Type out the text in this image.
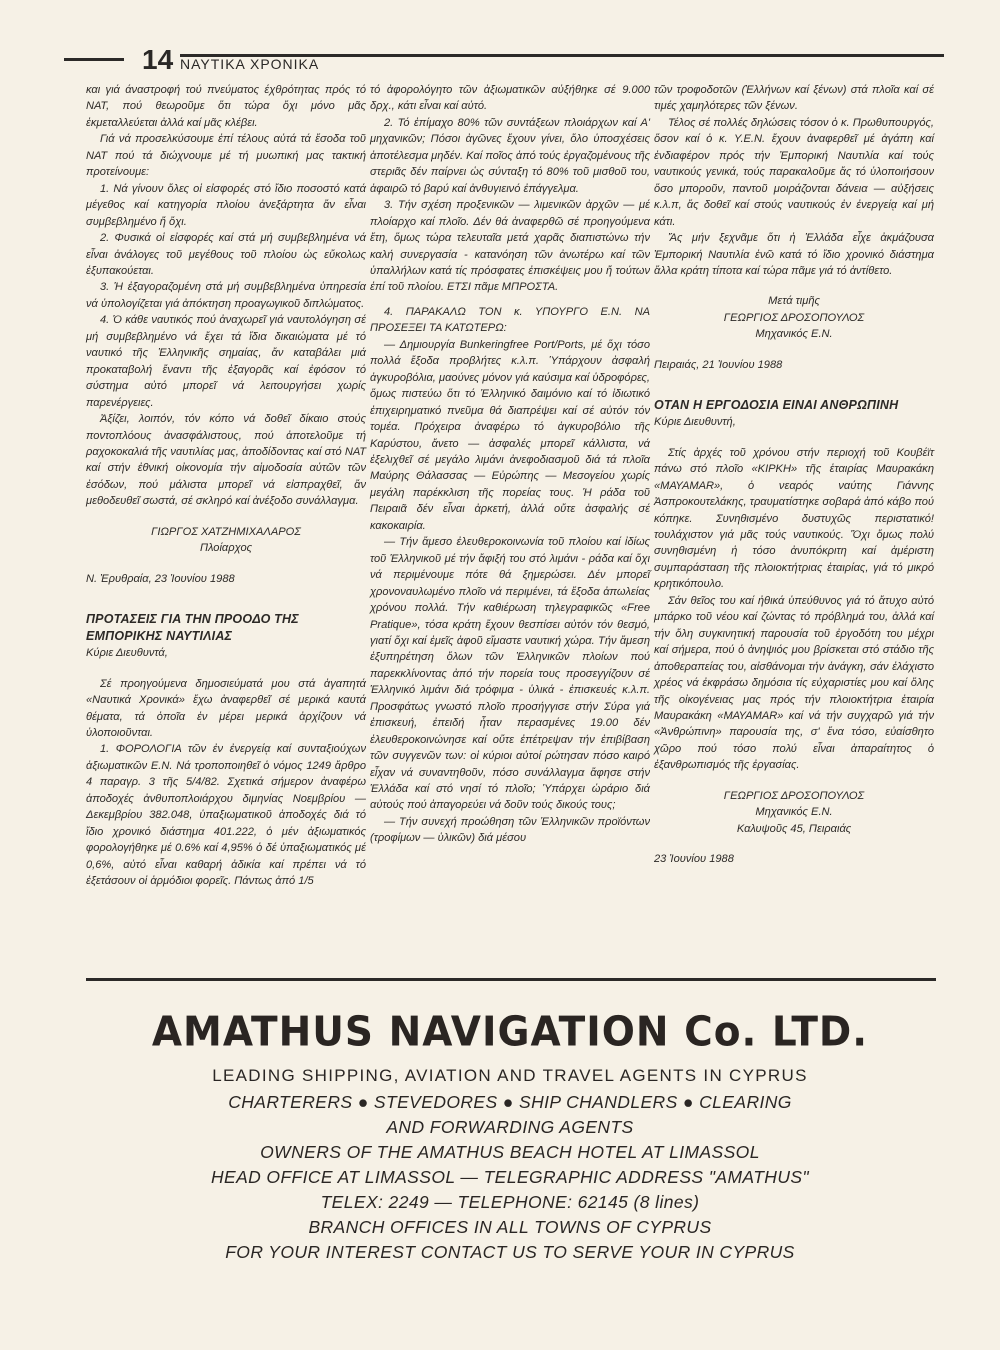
14 ΝΑΥΤΙΚΑ ΧΡΟΝΙΚΑ

και γιά άναστροφή τού πνεύματος έχθρότητας πρός τό ΝΑΤ, πού θεωροῦμε ὅτι τώρα ὄχι μόνο μᾶς ἐκμεταλλεύεται ἀλλά καί μᾶς κλέβει.

Γιά νά προσελκύσουμε ἐπί τέλους αὐτά τά ἔσοδα τοῦ ΝΑΤ πού τά διώχνουμε μέ τή μυωπική μας τακτική προτείνουμε:

1. Νά γίνουν ὅλες οἱ εἰσφορές στό ἴδιο ποσοστό κατά μέγεθος καί κατηγορία πλοίου ἀνεξάρτητα ἄν εἶναι συμβεβλημένο ἤ ὄχι.

2. Φυσικά οἱ εἰσφορές καί στά μή συμβεβλημένα νά εἶναι ἀνάλογες τοῦ μεγέθους τοῦ πλοίου ὡς εὔκολως ἐξυπακούεται.

3. Ἡ ἐξαγοραζομένη στά μή συμβεβλημένα ὑπηρεσία νά ὑπολογίζεται γιά ἀπόκτηση προαγωγικοῦ διπλώματος.

4. Ὁ κάθε ναυτικός πού ἀναχωρεῖ γιά ναυτολόγηση σέ μή συμβεβλημένο νά ἔχει τά ἴδια δικαιώματα μέ τό ναυτικό τῆς Ἑλληνικῆς σημαίας, ἄν καταβάλει μιά προκαταβολή ἔναντι τῆς ἐξαγορᾶς καί ἐφόσον τό σύστημα αὐτό μπορεῖ νά λειτουργήσει χωρίς παρενέργειες.

Ἀξίζει, λοιπόν, τόν κόπο νά δοθεῖ δίκαιο στούς ποντοπλόους ἀνασφάλιστους, πού ἀποτελοῦμε τή ραχοκοκαλιά τῆς ναυτιλίας μας, ἀποδίδοντας καί στό ΝΑΤ καί στήν ἐθνική οἰκονομία τήν αἱμοδοσία αὐτῶν τῶν ἐσόδων, πού μάλιστα μπορεῖ νά εἰσπραχθεῖ, ἄν μεθοδευθεῖ σωστά, σέ σκληρό καί ἀνέξοδο συνάλλαγμα.

ΓΙΩΡΓΟΣ ΧΑΤΖΗΜΙΧΑΛΑΡΟΣ

Πλοίαρχος

Ν. Ἐρυθραία, 23 Ἰουνίου 1988

ΠΡΟΤΑΣΕΙΣ ΓΙΑ ΤΗΝ ΠΡΟΟΔΟ ΤΗΣ ΕΜΠΟΡΙΚΗΣ ΝΑΥΤΙΛΙΑΣ

Κύριε Διευθυντά,

Σέ προηγούμενα δημοσιεύματά μου στά ἀγαπητά «Ναυτικά Χρονικά» ἔχω ἀναφερθεῖ σέ μερικά καυτά θέματα, τά ὁποῖα ἐν μέρει μερικά ἀρχίζουν νά ὑλοποιοῦνται.

1. ΦΟΡΟΛΟΓΙΑ τῶν ἐν ἐνεργείᾳ καί συνταξιούχων ἀξιωματικῶν Ε.Ν. Νά τροποποιηθεῖ ὁ νόμος 1249 ἄρθρο 4 παραγρ. 3 τῆς 5/4/82. Σχετικά σήμερον ἀναφέρω ἀποδοχές ἀνθυποπλοιάρχου διμηνίας Νοεμβρίου — Δεκεμβρίου 382.048, ὑπαξιωματικοῦ ἀποδοχές διά τό ἴδιο χρονικό διάστημα 401.222, ὁ μέν ἀξιωματικός φορολογήθηκε μέ 0.6% καί 4,95% ὁ δέ ὑπαξιωματικός μέ 0,6%, αὐτό εἶναι καθαρή ἀδικία καί πρέπει νά τό ἐξετάσουν οἱ ἁρμόδιοι φορεῖς. Πάντως ἀπό 1/5

τό ἀφορολόγητο τῶν ἀξιωματικῶν αὐξήθηκε σέ 9.000 δρχ., κάτι εἶναι καί αὐτό.

2. Τό ἐπίμαχο 80% τῶν συντάξεων πλοιάρχων καί Α' μηχανικῶν; Πόσοι ἀγῶνες ἔχουν γίνει, ὅλο ὑποσχέσεις ἀποτέλεσμα μηδέν. Καί ποῖος ἀπό τούς ἐργαζομένους τῆς στεριᾶς δέν παίρνει ὡς σύνταξη τό 80% τοῦ μισθοῦ του, ἀφαιρῶ τό βαρύ καί ἀνθυγιεινό ἐπάγγελμα.

3. Τήν σχέση προξενικῶν — λιμενικῶν ἀρχῶν — μέ πλοίαρχο καί πλοῖο. Δέν θά ἀναφερθῶ σέ προηγούμενα ἔτη, ὅμως τώρα τελευταῖα μετά χαρᾶς διαπιστώνω τήν καλή συνεργασία - κατανόηση τῶν ἀνωτέρω καί τῶν ὑπαλλήλων κατά τίς πρόσφατες ἐπισκέψεις μου ἤ τούτων ἐπί τοῦ πλοίου. ΕΤΣΙ πᾶμε ΜΠΡΟΣΤΑ.

4. ΠΑΡΑΚΑΛΩ ΤΟΝ κ. ΥΠΟΥΡΓΟ Ε.Ν. ΝΑ ΠΡΟΣΕΞΕΙ ΤΑ ΚΑΤΩΤΕΡΩ:

— Δημιουργία Bunkeringfree Port/Ports, μέ ὅχι τόσο πολλά ἔξοδα προβλήτες κ.λ.π. Ὑπάρχουν ἀσφαλή ἀγκυροβόλια, μαούνες μόνον γιά καύσιμα καί ὑδροφόρες, ὅμως πιστεύω ὅτι τό Ἑλληνικό δαιμόνιο καί τό ἰδιωτικό ἐπιχειρηματικό πνεῦμα θά διαπρέψει καί σέ αὐτόν τόν τομέα. Πρόχειρα ἀναφέρω τό ἀγκυροβόλιο τῆς Καρύστου, ἄνετο — ἀσφαλές μπορεῖ κάλλιστα, νά ἐξελιχθεῖ σέ μεγάλο λιμάνι ἀνεφοδιασμοῦ διά τά πλοῖα Μαύρης Θάλασσας — Εὐρώπης — Μεσογείου χωρίς μεγάλη παρέκκλιση τῆς πορείας τους. Ἡ ράδα τοῦ Πειραιᾶ δέν εἶναι ἀρκετή, ἀλλά οὔτε ἀσφαλής σέ κακοκαιρία.

— Τήν ἄμεσο ἐλευθεροκοινωνία τοῦ πλοίου καί ἰδίως τοῦ Ἑλληνικοῦ μέ τήν ἄφιξή του στό λιμάνι - ράδα καί ὅχι νά περιμένουμε πότε θά ξημερώσει. Δέν μπορεῖ χρονοναυλωμένο πλοῖο νά περιμένει, τά ἔξοδα ἀπωλείας χρόνου πολλά. Τήν καθιέρωση τηλεγραφικῶς «Free Pratique», τόσα κράτη ἔχουν θεσπίσει αὐτόν τόν θεσμό, γιατί ὅχι καί ἐμεῖς ἀφοῦ εἴμαστε ναυτική χώρα. Τήν ἄμεση ἐξυπηρέτηση ὅλων τῶν Ἑλληνικῶν πλοίων πού παρεκκλίνοντας ἀπό τήν πορεία τους προσεγγίζουν σέ Ἑλληνικό λιμάνι διά τρόφιμα - ὑλικά - ἐπισκευές κ.λ.π. Προσφάτως γνωστό πλοῖο προσήγγισε στήν Σύρα γιά ἐπισκευή, ἐπειδή ἦταν περασμένες 19.00 δέν ἐλευθεροκοινώνησε καί οὔτε ἐπέτρεψαν τήν ἐπιβίβαση τῶν συγγενῶν των: οἱ κύριοι αὐτοί ρώτησαν πόσο καιρό εἶχαν νά συναντηθοῦν, πόσο συνάλλαγμα ἄφησε στήν Ἑλλάδα καί στό νησί τό πλοῖο; Ὑπάρχει ὡράριο διά αὐτούς πού ἀπαγορεύει νά δοῦν τούς δικούς τους;

— Τήν συνεχή προώθηση τῶν Ἑλληνικῶν προϊόντων (τροφίμων — ὑλικῶν) διά μέσου

τῶν τροφοδοτῶν (Ἑλλήνων καί ξένων) στά πλοῖα καί σέ τιμές χαμηλότερες τῶν ξένων.

Τέλος σέ πολλές δηλώσεις τόσον ὁ κ. Πρωθυπουργός, ὅσον καί ὁ κ. Υ.Ε.Ν. ἔχουν ἀναφερθεῖ μέ ἀγάπη καί ἐνδιαφέρον πρός τήν Ἐμπορική Ναυτιλία καί τούς ναυτικούς γενικά, τούς παρακαλοῦμε ἄς τό ὑλοποιήσουν ὅσο μποροῦν, παντοῦ μοιράζονται δάνεια — αὐξήσεις κ.λ.π, ἄς δοθεῖ καί στούς ναυτικούς ἐν ἐνεργείᾳ καί μή κάτι.

Ἄς μήν ξεχνᾶμε ὅτι ἡ Ἑλλάδα εἶχε ἀκμάζουσα Ἐμπορική Ναυτιλία ἐνῶ κατά τό ἴδιο χρονικό διάστημα ἄλλα κράτη τίποτα καί τώρα πᾶμε γιά τό ἀντίθετο.

Μετά τιμῆς

ΓΕΩΡΓΙΟΣ ΔΡΟΣΟΠΟΥΛΟΣ

Μηχανικός Ε.Ν.

Πειραιάς, 21 Ἰουνίου 1988

ΟΤΑΝ Η ΕΡΓΟΔΟΣΙΑ ΕΙΝΑΙ ΑΝΘΡΩΠΙΝΗ

Κύριε Διευθυντή,

Στίς ἀρχές τοῦ χρόνου στήν περιοχή τοῦ Κουβέϊτ πάνω στό πλοῖο «ΚΙΡΚΗ» τῆς ἑταιρίας Μαυρακάκη «ΜΑΥΑΜΑR», ὁ νεαρός ναύτης Γιάννης Ἀσπροκουτελάκης, τραυματίστηκε σοβαρά ἀπό κάβο πού κόπηκε. Συνηθισμένο δυστυχῶς περιστατικό! τουλάχιστον γιά μᾶς τούς ναυτικούς. Ὅχι ὅμως πολύ συνηθισμένη ἡ τόσο ἀνυπόκριτη καί ἀμέριστη συμπαράσταση τῆς πλοιοκτήτριας ἑταιρίας, γιά τό μικρό κρητικόπουλο.

Σάν θεῖος του καί ἠθικά ὑπεύθυνος γιά τό ἄτυχο αὐτό μπάρκο τοῦ νέου καί ζώντας τό πρόβλημά του, ἀλλά καί τήν ὅλη συγκινητική παρουσία τοῦ ἐργοδότη του μέχρι καί σήμερα, πού ὁ ἀνηψιός μου βρίσκεται στό στάδιο τῆς ἀποθεραπείας του, αἰσθάνομαι τήν ἀνάγκη, σάν ἐλάχιστο χρέος νά ἐκφράσω δημόσια τίς εὐχαριστίες μου καί ὅλης τῆς οἰκογένειας μας πρός τήν πλοιοκτήτρια ἑταιρία Μαυρακάκη «ΜΑΥΑΜΑR» καί νά τήν συγχαρῶ γιά τήν «Ἀνθρώπινη» παρουσία της, σ' ἕνα τόσο, εὐαίσθητο χῶρο πού τόσο πολύ εἶναι ἀπαραίτητος ὁ ἐξανθρωπισμός τῆς ἐργασίας.

ΓΕΩΡΓΙΟΣ ΔΡΟΣΟΠΟΥΛΟΣ

Μηχανικός Ε.Ν.

Καλυψοῦς 45, Πειραιάς

23 Ἰουνίου 1988

AMATHUS NAVIGATION Co. LTD.
LEADING SHIPPING, AVIATION AND TRAVEL AGENTS IN CYPRUS
CHARTERERS ● STEVEDORES ● SHIP CHANDLERS ● CLEARING
AND FORWARDING AGENTS
OWNERS OF THE AMATHUS BEACH HOTEL AT LIMASSOL
HEAD OFFICE AT LIMASSOL — TELEGRAPHIC ADDRESS "AMATHUS"
TELEX: 2249 — TELEPHONE: 62145 (8 lines)
BRANCH OFFICES IN ALL TOWNS OF CYPRUS
FOR YOUR INTEREST CONTACT US TO SERVE YOUR IN CYPRUS
